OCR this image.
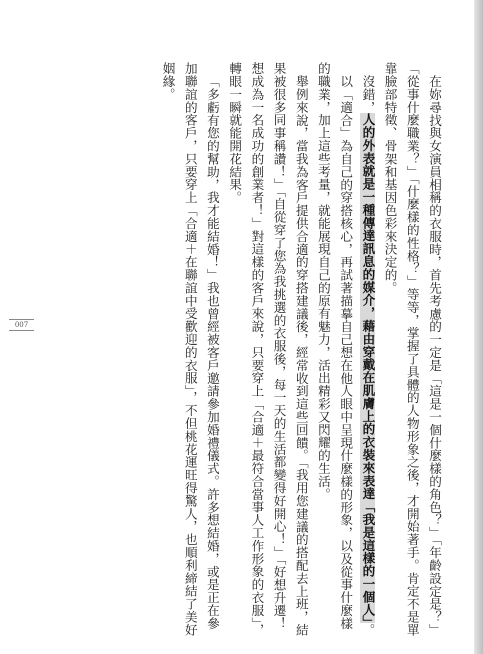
在妳尋找與女演員相稱的衣服時，首先考慮的一定是「這是一個什麼樣的角色？」「年齡設定是？」「從事什麼職業？」「什麼樣的性格？」等等，掌握了具體的人物形象之後，才開始著手。肯定不是單靠臉部特徵、骨架和基因色彩來決定的。

沒錯，人的外表就是一種傳達訊息的媒介，藉由穿戴在肌膚上的衣裝來表達「我是這樣的一個人」。

以「適合」為自己的穿搭核心，再試著描摹自己想在他人眼中呈現什麼樣的形象，以及從事什麼樣的職業，加上這些考量，就能展現自己的原有魅力，活出精彩又閃耀的生活。

舉例來說，當我為客戶提供合適的穿搭建議後，經常收到這些回饋。「我用您建議的搭配去上班，結果被很多同事稱讚！」「自從穿了您為我挑選的衣服後，每一天的生活都變得好開心！」「好想升遷！想成為一名成功的創業者！」對這樣的客戶來說，只要穿上「合適＋最符合當事人工作形象的衣服」，轉眼一瞬就能開花結果。

「多虧有您的幫助，我才能結婚！」我也曾經被客戶邀請參加婚禮儀式。許多想結婚，或是正在參加聯誼的客戶，只要穿上「合適＋在聯誼中受歡迎的衣服」，不但桃花運旺得驚人，也順利締結了美好姻緣。

007
